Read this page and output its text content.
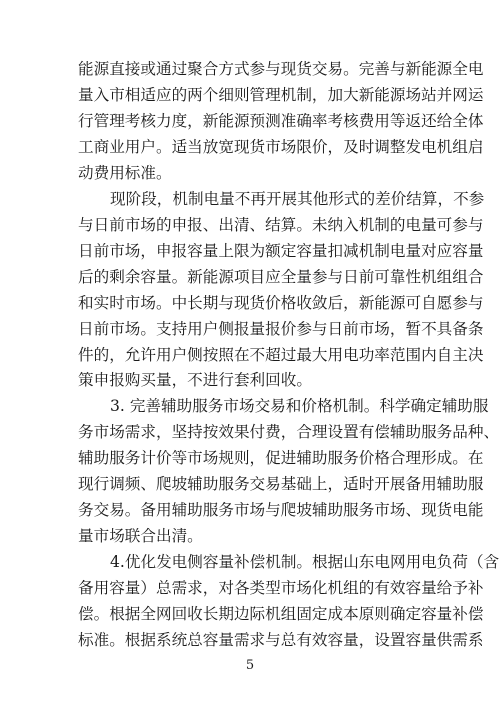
能源直接或通过聚合方式参与现货交易。完善与新能源全电
量入市相适应的两个细则管理机制，加大新能源场站并网运
行管理考核力度，新能源预测准确率考核费用等返还给全体
工商业用户。适当放宽现货市场限价，及时调整发电机组启
动费用标准。
现阶段，机制电量不再开展其他形式的差价结算，不参
与日前市场的申报、出清、结算。未纳入机制的电量可参与
日前市场，申报容量上限为额定容量扣减机制电量对应容量
后的剩余容量。新能源项目应全量参与日前可靠性机组组合
和实时市场。中长期与现货价格收敛后，新能源可自愿参与
日前市场。支持用户侧报量报价参与日前市场，暂不具备条
件的，允许用户侧按照在不超过最大用电功率范围内自主决
策申报购买量，不进行套利回收。
3. 完善辅助服务市场交易和价格机制。科学确定辅助服
务市场需求，坚持按效果付费，合理设置有偿辅助服务品种、
辅助服务计价等市场规则，促进辅助服务价格合理形成。在
现行调频、爬坡辅助服务交易基础上，适时开展备用辅助服
务交易。备用辅助服务市场与爬坡辅助服务市场、现货电能
量市场联合出清。
4.优化发电侧容量补偿机制。根据山东电网用电负荷（含
备用容量）总需求，对各类型市场化机组的有效容量给予补
偿。根据全网回收长期边际机组固定成本原则确定容量补偿
标准。根据系统总容量需求与总有效容量，设置容量供需系
5
